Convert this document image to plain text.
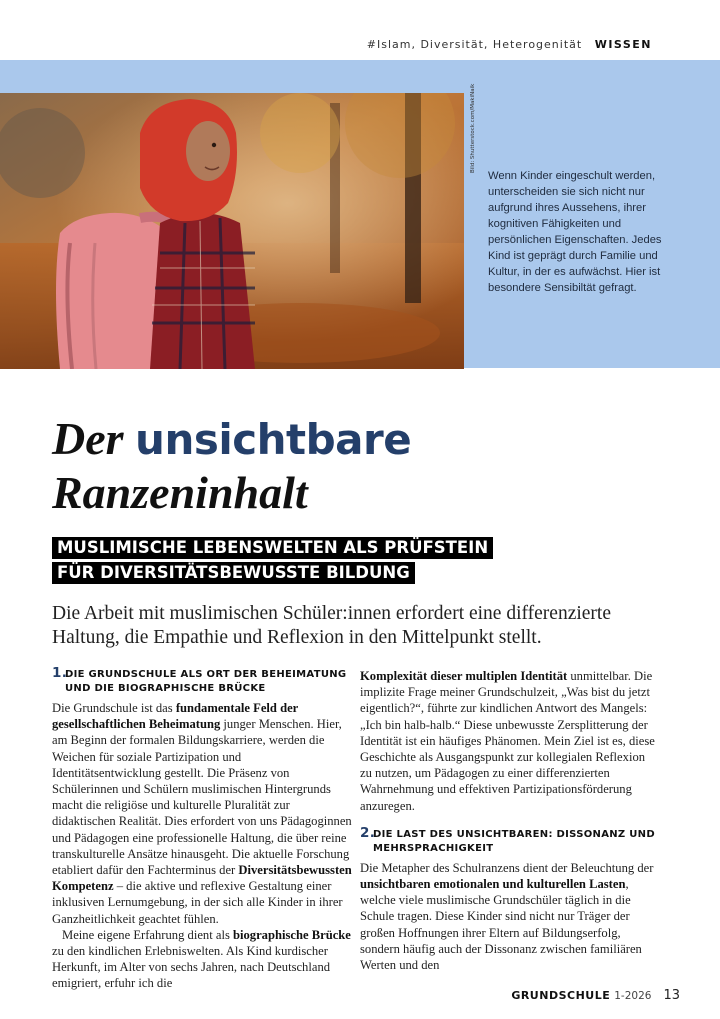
#Islam, Diversität, Heterogenität WISSEN
Bild: Shutterstock.com/MakiNaik
Wenn Kinder eingeschult werden, unterscheiden sie sich nicht nur aufgrund ihres Aussehens, ihrer kognitiven Fähigkeiten und persönlichen Eigenschaften. Jedes Kind ist geprägt durch Familie und Kultur, in der es aufwächst. Hier ist besondere Sensibiltät gefragt.
Der unsichtbare
Ranzeninhalt
MUSLIMISCHE LEBENSWELTEN ALS PRÜFSTEIN
FÜR DIVERSITÄTSBEWUSSTE BILDUNG

Die Arbeit mit muslimischen Schüler:innen erfordert eine differenzierte Haltung, die Empathie und Reflexion in den Mittelpunkt stellt.

1.
DIE GRUNDSCHULE ALS ORT DER BEHEIMATUNG UND DIE BIOGRAPHISCHE BRÜCKE

Die Grundschule ist das fundamentale Feld der gesellschaftlichen Beheimatung junger Menschen. Hier, am Beginn der formalen Bildungskarriere, werden die Weichen für soziale Partizipation und Identitätsentwicklung gestellt. Die Präsenz von Schülerinnen und Schülern muslimischen Hintergrunds macht die religiöse und kulturelle Pluralität zur didaktischen Realität. Dies erfordert von uns Pädagoginnen und Pädagogen eine professionelle Haltung, die über reine transkulturelle Ansätze hinausgeht. Die aktuelle Forschung etabliert dafür den Fachterminus der Diversitätsbewussten Kompetenz – die aktive und reflexive Gestaltung einer inklusiven Lernumgebung, in der sich alle Kinder in ihrer Ganzheitlichkeit geachtet fühlen.

Meine eigene Erfahrung dient als biographische Brücke zu den kindlichen Erlebniswelten. Als Kind kurdischer Herkunft, im Alter von sechs Jahren, nach Deutschland emigriert, erfuhr ich die

Komplexität dieser multiplen Identität unmittelbar. Die implizite Frage meiner Grundschulzeit, „Was bist du jetzt eigentlich?“, führte zur kindlichen Antwort des Mangels: „Ich bin halb-halb.“ Diese unbewusste Zersplitterung der Identität ist ein häufiges Phänomen. Mein Ziel ist es, diese Geschichte als Ausgangspunkt zur kollegialen Reflexion zu nutzen, um Pädagogen zu einer differenzierten Wahrnehmung und effektiven Partizipationsförderung anzuregen.

2.
DIE LAST DES UNSICHTBAREN: DISSONANZ UND MEHRSPRACHIGKEIT

Die Metapher des Schulranzens dient der Beleuchtung der unsichtbaren emotionalen und kulturellen Lasten, welche viele muslimische Grundschüler täglich in die Schule tragen. Diese Kinder sind nicht nur Träger der großen Hoffnungen ihrer Eltern auf Bildungserfolg, sondern häufig auch der Dissonanz zwischen familiären Werten und den

GRUNDSCHULE 1-2026 13
